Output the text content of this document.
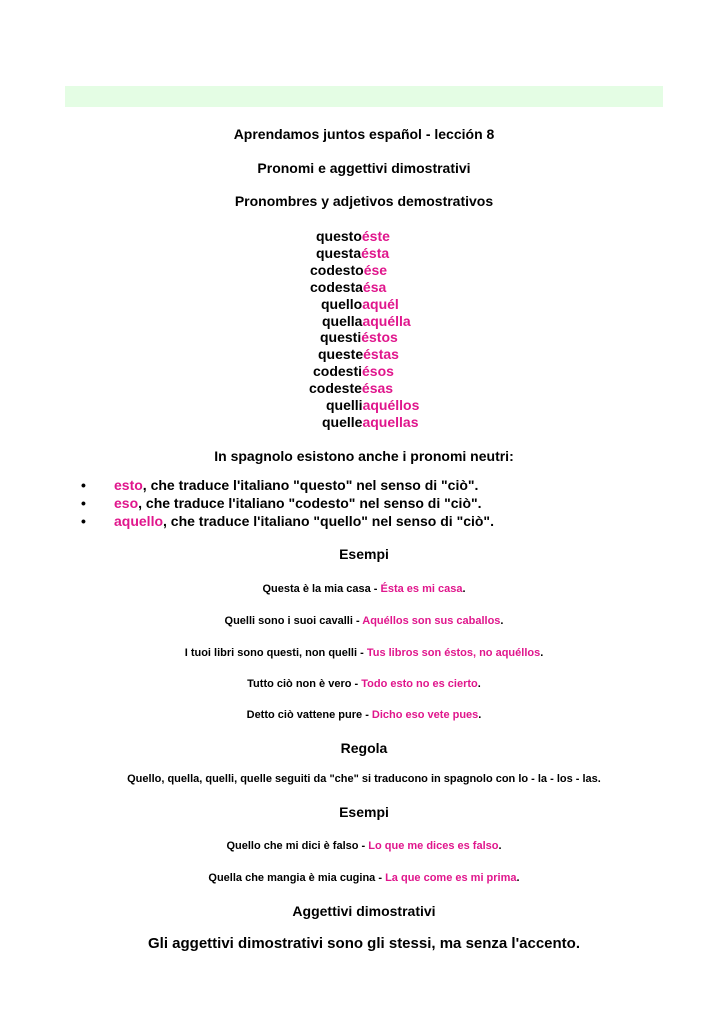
Aprendamos juntos español - lección 8
Pronomi e aggettivi dimostrativi
Pronombres y adjetivos demostrativos
questoéste
questaésta
codestoése
codestaésa
quelloaquél
quellaaquélla
questiéstos
questeéstas
codestiésos
codesteésas
quelliaquéllos
quelleaquellas
In spagnolo esistono anche i pronomi neutri:
• esto, che traduce l'italiano "questo" nel senso di "ciò".
• eso, che traduce l'italiano "codesto" nel senso di "ciò".
• aquello, che traduce l'italiano "quello" nel senso di "ciò".
Esempi
Questa è la mia casa - Ésta es mi casa.
Quelli sono i suoi cavalli - Aquéllos son sus caballos.
I tuoi libri sono questi, non quelli - Tus libros son éstos, no aquéllos.
Tutto ciò non è vero - Todo esto no es cierto.
Detto ciò vattene pure - Dicho eso vete pues.
Regola
Quello, quella, quelli, quelle seguiti da "che" si traducono in spagnolo con lo - la - los - las.
Esempi
Quello che mi dici è falso - Lo que me dices es falso.
Quella che mangia è mia cugina - La que come es mi prima.
Aggettivi dimostrativi
Gli aggettivi dimostrativi sono gli stessi, ma senza l'accento.
